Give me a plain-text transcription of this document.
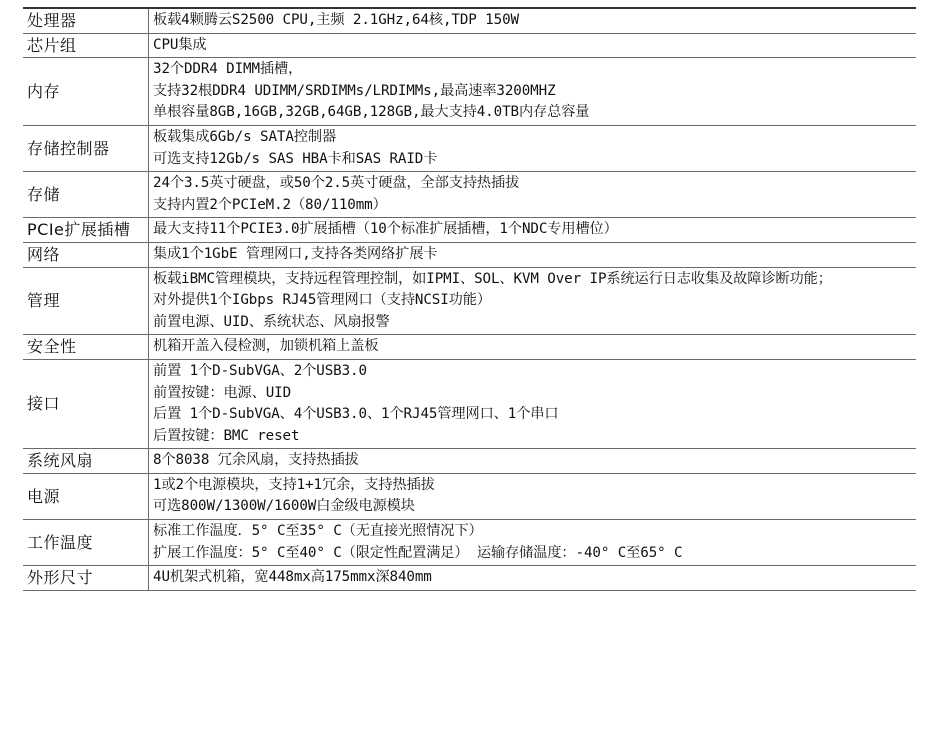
处理器	板载4颗腾云S2500 CPU,主频 2.1GHz,64核,TDP 150W

芯片组	CPU集成

内存	32个DDR4 DIMM插槽，
支持32根DDR4 UDIMM/SRDIMMs/LRDIMMs,最高速率3200MHZ
单根容量8GB,16GB,32GB,64GB,128GB,最大支持4.0TB内存总容量

存储控制器	板载集成6Gb/s SATA控制器
可选支持12Gb/s SAS HBA卡和SAS RAID卡

存储	24个3.5英寸硬盘，或50个2.5英寸硬盘，全部支持热插拔
支持内置2个PCIeM.2（80/110mm）

PCIe扩展插槽	最大支持11个PCIE3.0扩展插槽（10个标准扩展插槽，1个NDC专用槽位）

网络	集成1个1GbE 管理网口,支持各类网络扩展卡

管理	板载iBMC管理模块，支持远程管理控制，如IPMI、SOL、KVM Over IP系统运行日志收集及故障诊断功能；
对外提供1个IGbps RJ45管理网口（支持NCSI功能）
前置电源、UID、系统状态、风扇报警

安全性	机箱开盖入侵检测，加锁机箱上盖板

接口	前置 1个D-SubVGA、2个USB3.0
前置按键：电源、UID
后置 1个D-SubVGA、4个USB3.0、1个RJ45管理网口、1个串口
后置按键：BMC reset

系统风扇	8个8038 冗余风扇，支持热插拔

电源	1或2个电源模块，支持1+1冗余，支持热插拔
可选800W/1300W/1600W白金级电源模块

工作温度	标准工作温度．5° C至35° C（无直接光照情况下）
扩展工作温度：5° C至40° C（限定性配置满足） 运输存储温度：-40° C至65° C

外形尺寸	4U机架式机箱，宽448mx高175mmx深840mm
